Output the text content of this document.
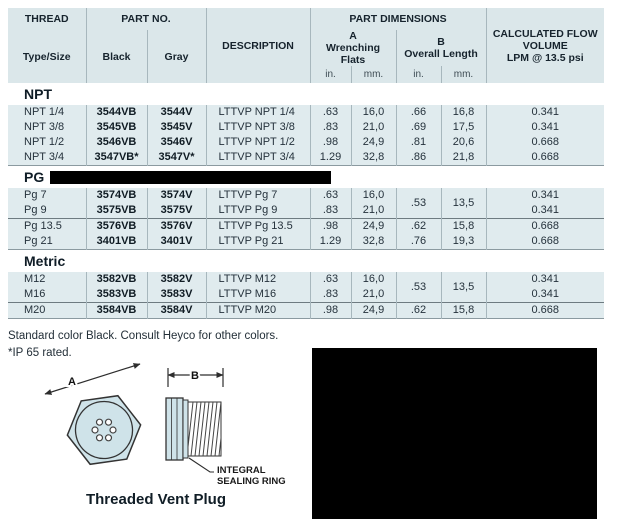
THREAD	PART NO.		DESCRIPTION	PART DIMENSIONS				CALCULATED FLOW
VOLUME
LPM @ 13.5 psi

Type/Size	Black	Gray		A
Wrenching Flats		B
Overall Length		

				in.	mm.	in.	mm.	
NPT
NPT 1/4	3544VB	3544V	LTTVP NPT 1/4	.63	16,0	.66	16,8	0.341
NPT 3/8	3545VB	3545V	LTTVP NPT 3/8	.83	21,0	.69	17,5	0.341
NPT 1/2	3546VB	3546V	LTTVP NPT 1/2	.98	24,9	.81	20,6	0.668
NPT 3/4	3547VB*	3547V*	LTTVP NPT 3/4	1.29	32,8	.86	21,8	0.668
PG
Pg 7	3574VB	3574V	LTTVP Pg 7	.63	16,0	.53	13,5	0.341
Pg 9	3575VB	3575V	LTTVP Pg 9	.83	21,0			0.341
Pg 13.5	3576VB	3576V	LTTVP Pg 13.5	.98	24,9	.62	15,8	0.668
Pg 21	3401VB	3401V	LTTVP Pg 21	1.29	32,8	.76	19,3	0.668
Metric
M12	3582VB	3582V	LTTVP M12	.63	16,0	.53	13,5	0.341
M16	3583VB	3583V	LTTVP M16	.83	21,0			0.341
M20	3584VB	3584V	LTTVP M20	.98	24,9	.62	15,8	0.668
Standard color Black. Consult Heyco for other colors.
*IP 65 rated.
A	B
INTEGRAL
SEALING RING
Threaded Vent Plug
